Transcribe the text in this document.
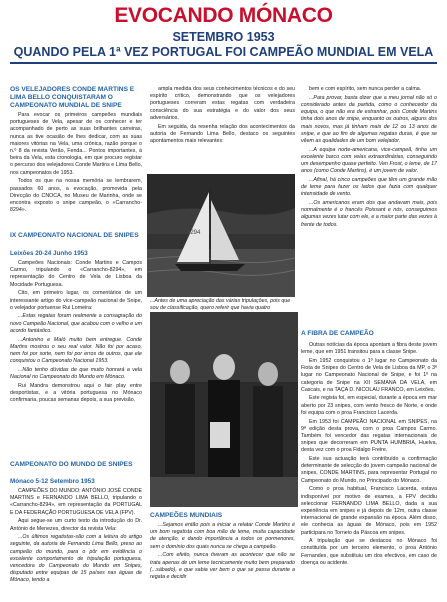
EVOCANDO MÓNACO
SETEMBRO 1953
QUANDO PELA 1ª VEZ PORTUGAL FOI CAMPEÃO MUNDIAL EM VELA
OS VELEJADORES CONDE MARTINS E LIMA BELLO CONQUISTARAM O CAMPEONATO MUNDIAL DE SNIPE

Para evocar os primeiros campeões mundiais portugueses de Vela, apesar de os conhecer e ter acompanhado de perto as suas brilhantes carreiras, nunca as tive ocasião de lhes dedicar, com as suas maiores vitórias na Vela, uma crónica, razão porque o n.º 8 da revista Verão, Fenda... Pontos importantes, à beira da Vela, esta cronologia, em que procuro registar o percurso dos velejadores Conde Martins e Lima Bello, nos campeonatos de 1953.

Todos os que na nossa memória se lembrarem, passados 60 anos, a evocação, promovida pela Direcção do CNOCA, no Museu de Marinha, onde se encontra exposto o snipe campeão, o «Carrancho-8294».

IX CAMPEONATO NACIONAL DE SNIPES
Leixões 20-24 Junho 1953

Campeões Nacionais: Conde Martins e Campos Carmo, tripulando o «Carrancho-8294», em representação do Centro de Vela de Lisboa da Mocidade Portuguesa.

Cito, em primeiro lugar, os comentários de um interessante artigo do vice-campeão nacional de Snipe, o velejador portuense Rui Lomeira:

...Estas regatas foram realmente a consagração do novo Campeão Nacional, que acabou com o velho e um acordo fantástico.

...Antonino e Maló muito bem entregue. Conde Martins mostrou o seu real valor. Não foi por acaso, nem foi por sorte, nem foi por erros de outros, que ele conquistou o Campeonato Nacional 1953.

...Não tenho dúvidas de que muito honrará a vela Nacional no Campeonato do Mundo em Mónaco.

Rui Mandra demonstrou aqui o fair play entre desportistas, e a vitória portuguesa no Mónaco confirmaria, poucas semanas depois, a sua previsão.

CAMPEONATO DO MUNDO DE SNIPES
Mónaco 5-12 Setembro 1953

CAMPEÕES DO MUNDO: ANTÓNIO JOSÉ CONDE MARTINS e FERNANDO LIMA BELLO, tripulando o «Carrancho-8294», em representação da PORTUGAL E DA FEDERAÇÃO PORTUGUESA DE VELA (FPV).

Aqui segue-se um curto texto da introdução do Dr. António de Menezes, director da revista Vela:

...Os últimos regatistas-são com a leitura do artigo seguinte, da autoria de Fernando Lima Bello, preso ao campeão do mundo, para o pôr em evidência o excelente comportamento de tripulação portuguesa, vencedora do Campeonato do Mundo em Snipes, disputado entre equipas de 15 países nas águas de Mónaco, tendo a

ampla medida dos seus conhecimentos técnicos e do seu espírito crítico, demonstrando que os velejadores portugueses correram estas regatas com verdadeira consciência do sua estratégia e do valor dos seus adversários.

Em seguida, da resenha relação dos acontecimentos da autoria de Fernando Lima Bello, destaco os seguintes apontamentos mais relevantes:

8294
...Antes de uma apreciação das várias tripulações, pois que sou de classificação, quero referir que havia quatro
CAMPEÕES MUNDIAIS

...Sejamos então pois a iniciar a relatar Conde Martins é um bom regatista com boa mão de leme, muita capacidade de atenção, e dando importância a todos os pormenores, sem o domínio dos quais nunca se chega a campeão.

...Com efeito, nunca tiveram as acontecer que não se trata apenas de um leme tecnicamente muito bem preparado (...sábado), e que sabia ver bem o que se passa durante a regata e decidir

bem e com espírito, sem nunca perder a calma.

...Para provar, basta dizer que a meu jornal não só o considerado antes da partida, como o conhecedor da equipa, o que não era de estranhar, pois Conde Martins tinha dois anos de snipe, enquanto os outros, alguns dos mais novos, mas já tinham mais de 12 ou 13 anos de snipe, e que ao fim de algumas regatas duras, é que se vêem as qualidades de um bom velejador.

...A equipa norte-americana, vice-campeã, tinha um excelente barco com velas extraordinárias, conseguindo um desempenho quase perfeito. Ven Frost, o leme, de 17 anos (como Conde Martins), é um jovem de valor.

...Afinal, há cinco campeões que têm um grande mão de leme para fazer os lados que fazia com qualquer intensidade de vento.

...Os americanos eram dos que andavam mais, pois normalmente é o francês Poissant e nós, conseguimos algumas vezes lutar com ele, e a maior parte das vezes à frente de todos.

A FIBRA DE CAMPEÃO

Outras notícias da época apontam a fibra deste jovem leme, que em 1951 transitou para a classe Snipe.

Em 1952 conquistou o 1º lugar no Campeonato da Fiota de Snipes do Centro de Vela de Lisboa da MP, o 3º lugar no Campeonato Nacional de Snipe, e foi 1º na categoria de Snipe na XII SEMANA DA VELA, em Cascais, e na TAÇA D. NICOLAU FRANCO, em Leixões.

Este regista foi, em especial, durante a época em mar aberto por 23 snipes, com vento fresco de Norte, e onde foi equipa com o proa Francisco Lacerda.

Em 1953 foi CAMPEÃO NACIONAL em SNIPES, na 9ª edição desta prova, com o proa Campos Carmo. Também foi vencedor das regatas internacionais de snipes que decorreram em PUNTA HUMBRIA, Huelva, desta vez com o proa Fidalgo Freire.

Este sua actuação terá contribuído a confirmação determinante de selecção do jovem campeão nacional de snipes, CONDE MARTINS, para representar Portugal no Campeonato do Mundo, no Principado do Mónaco.

Como o proa habitual, Francisco Lacerda, estava indisponível por motivo de exames, a FPV decidiu seleccionar FERNANDO LIMA BELLO, dada a sua experiência em snipes e já depois de 12m, outra classe internacional de grande expansão na época. Além disso, ele conhecia as águas de Mónaco, pois em 1952 participara no Torneio da Páscoa em snipes.

A tripulação que se destacou no Mónaco foi constituída por um terceiro elemento, o proa António Fernandes, que substituiu um dos efectivos, em caso de doença ou acidente.
